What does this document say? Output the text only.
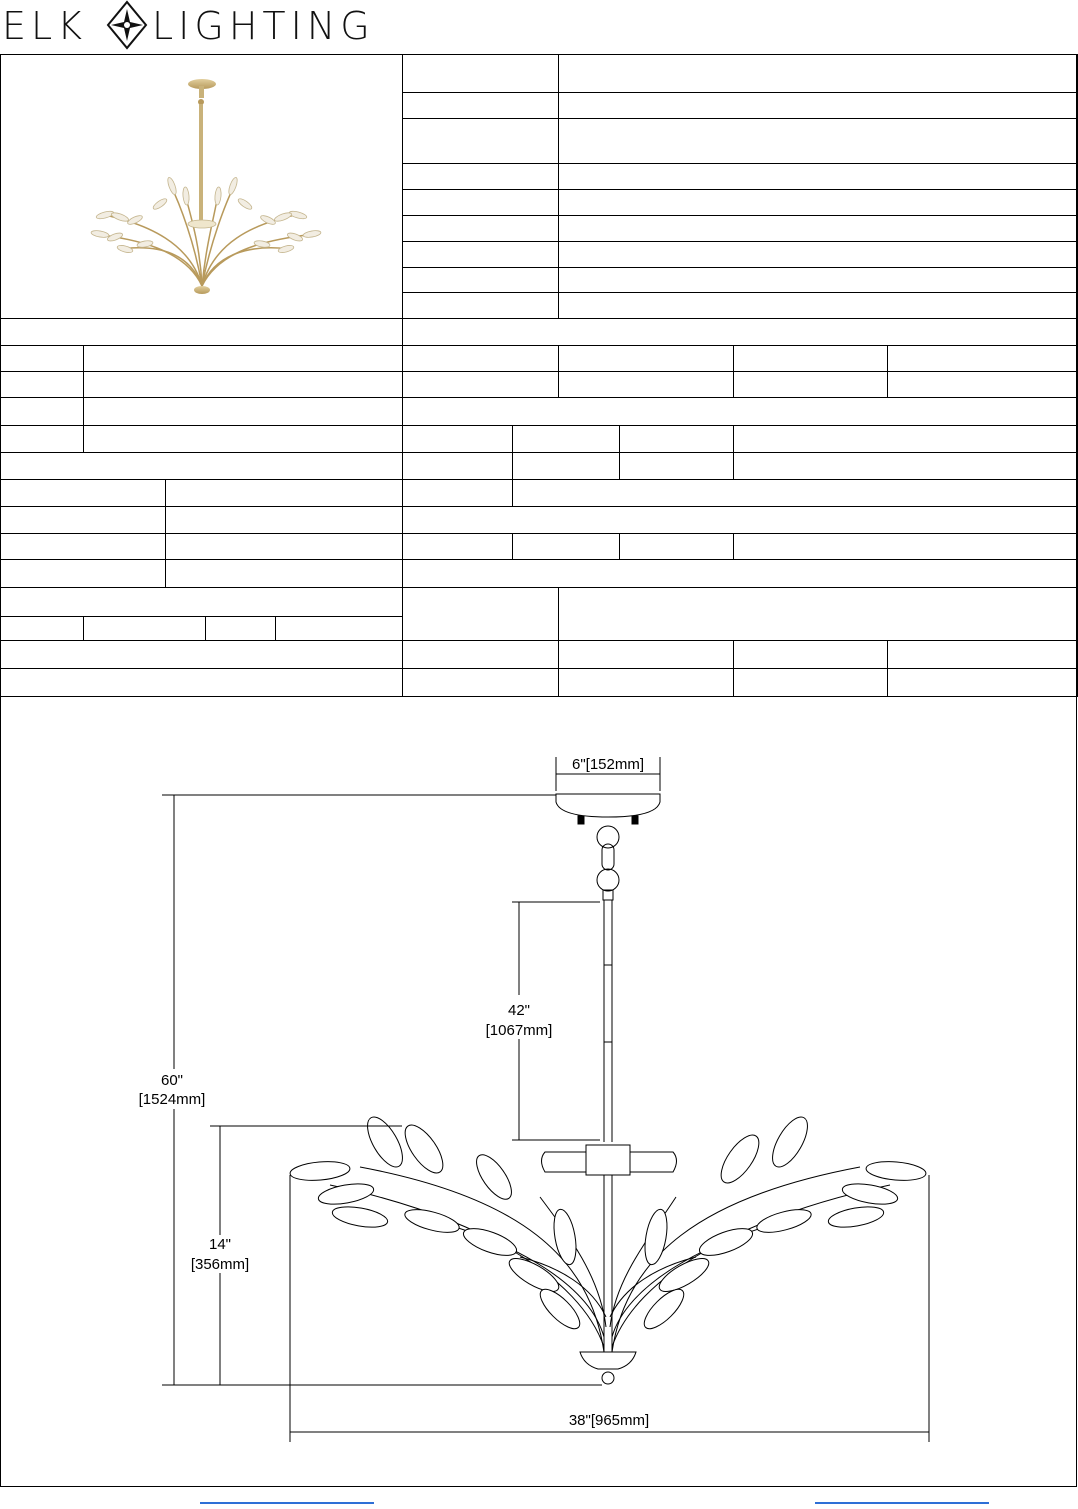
ELK LIGHTING
6"[152mm]
42"
[1067mm]
60"
[1524mm]
14"
[356mm]
38"[965mm]
